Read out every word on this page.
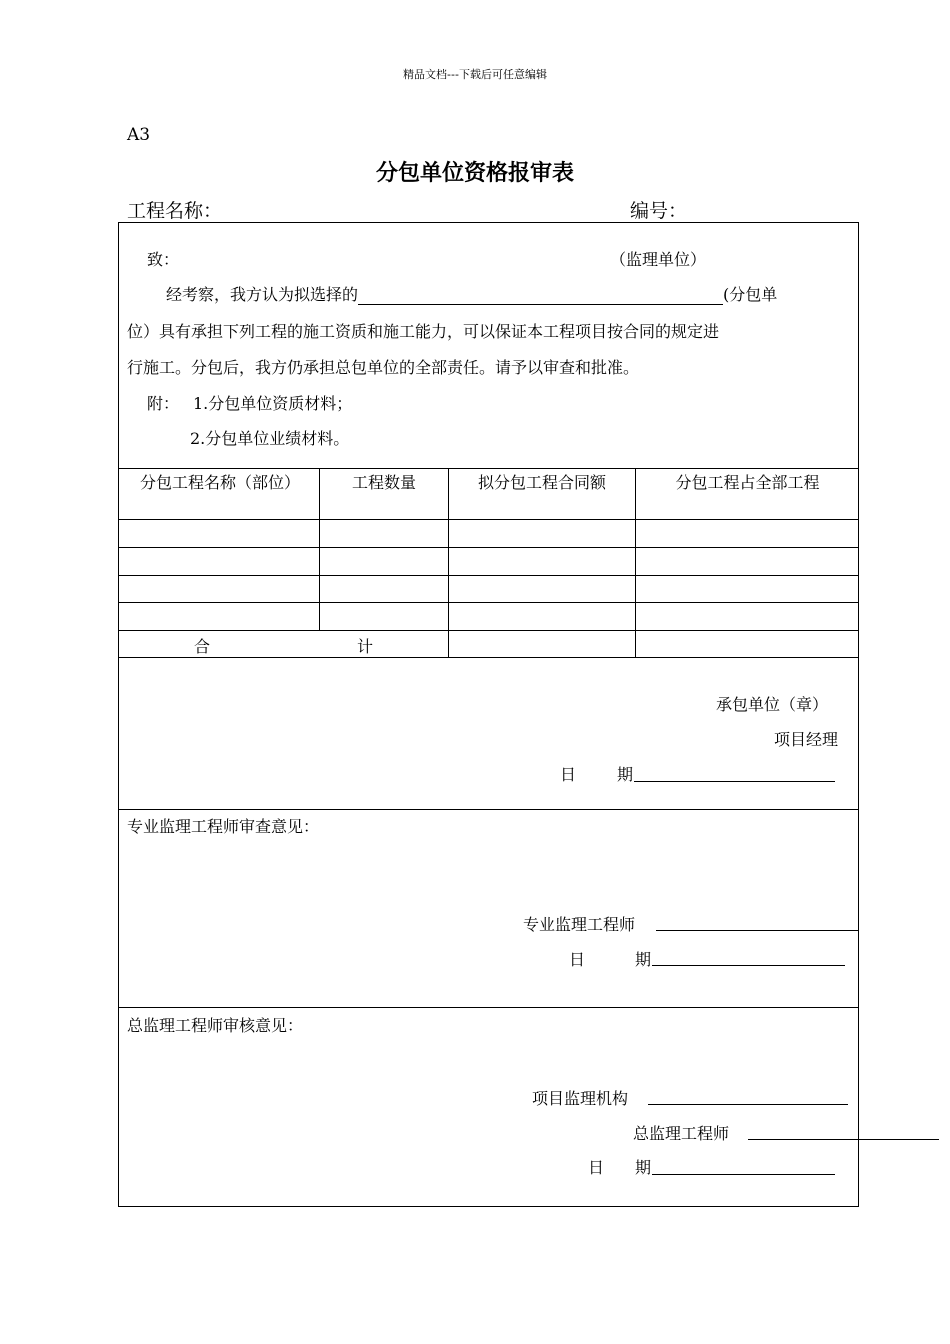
精品文档---下载后可任意编辑
A3
分包单位资格报审表
工程名称：	编号：
致：	（监理单位）
经考察，我方认为拟选择的	(分包单
位）具有承担下列工程的施工资质和施工能力，可以保证本工程项目按合同的规定进
行施工。分包后，我方仍承担总包单位的全部责任。请予以审查和批准。
附： 1.分包单位资质材料；
2.分包单位业绩材料。
分包工程名称（部位）	工程数量	拟分包工程合同额	分包工程占全部工程
合	计
承包单位（章）
项目经理
日	期
专业监理工程师审查意见：
专业监理工程师
日	期
总监理工程师审核意见：
项目监理机构
总监理工程师
日 期
